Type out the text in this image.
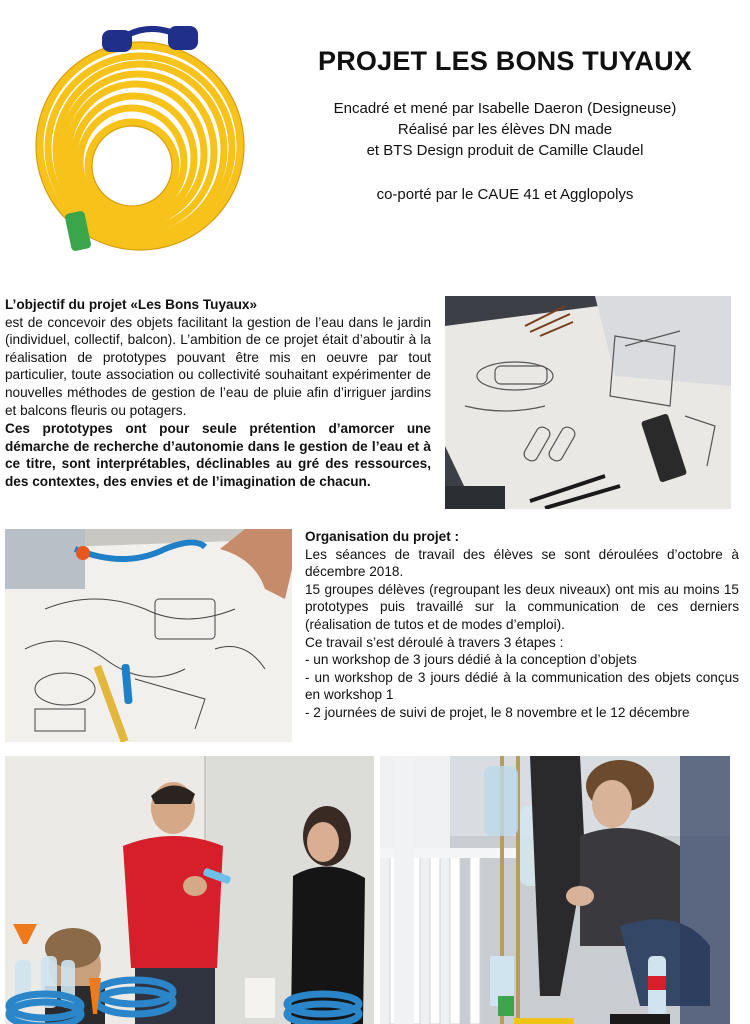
PROJET LES BONS TUYAUX
Encadré et mené par Isabelle Daeron (Designeuse)
Réalisé par les élèves DN made
et BTS Design produit de Camille Claudel
co-porté par le CAUE 41 et Agglopolys
L’objectif du projet «Les Bons Tuyaux»
est de concevoir des objets facilitant la gestion de l’eau dans le jardin (individuel, collectif, balcon). L’ambition de ce projet était d’aboutir à la réalisation de prototypes pouvant être mis en oeuvre par tout particulier, toute association ou collectivité souhaitant expérimenter de nouvelles méthodes de gestion de l’eau de pluie afin d’irriguer jardins et balcons fleuris ou potagers.
Ces prototypes ont pour seule prétention d’amorcer une démarche de recherche d’autonomie dans le gestion de l’eau et à ce titre, sont interprétables, déclinables au gré des ressources, des contextes, des envies et de l’imagination de chacun.
Organisation du projet :
Les séances de travail des élèves se sont déroulées d’octobre à décembre 2018.
15 groupes délèves (regroupant les deux niveaux) ont mis au moins 15 prototypes puis travaillé sur la communication de ces derniers (réalisation de tutos et de modes d’emploi).
Ce travail s’est déroulé à travers 3 étapes :
- un workshop de 3 jours dédié à la conception d’objets
- un workshop de 3 jours dédié à la communication des objets conçus en workshop 1
- 2 journées de suivi de projet, le 8 novembre et le 12 décembre
